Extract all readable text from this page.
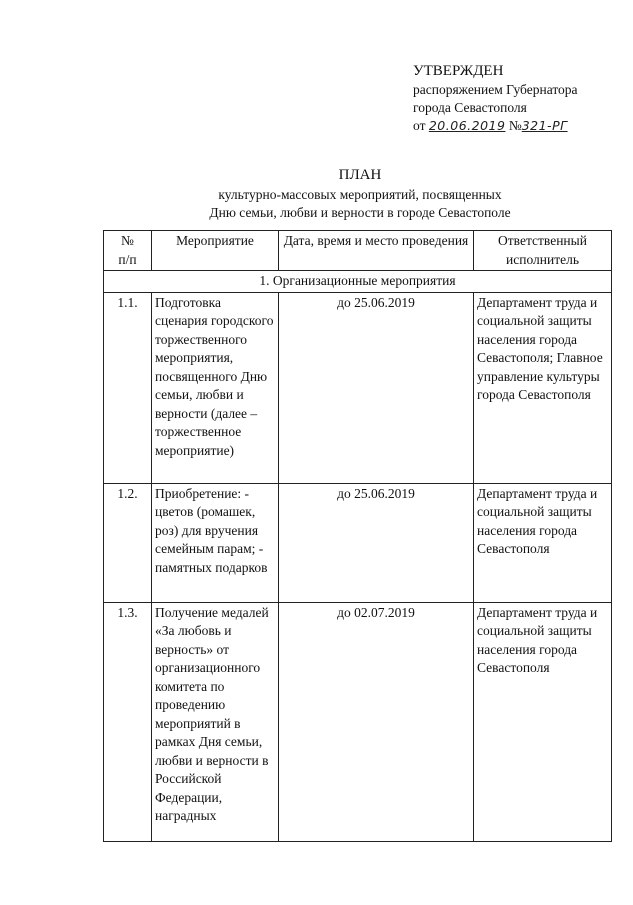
УТВЕРЖДЕН
распоряжением Губернатора
города Севастополя
от 20.06.2019 №321-РГ
ПЛАН
культурно-массовых мероприятий, посвященных
Дню семьи, любви и верности в городе Севастополе
№
п/п	Мероприятие	Дата, время и место проведения	Ответственный исполнитель
1. Организационные мероприятия			
1.1.	Подготовка сценария городского торжественного мероприятия, посвященного Дню семьи, любви и верности (далее – торжественное мероприятие)	до 25.06.2019	Департамент труда и социальной защиты населения города Севастополя; Главное управление культуры города Севастополя
1.2.	Приобретение: - цветов (ромашек, роз) для вручения семейным парам; - памятных подарков	до 25.06.2019	Департамент труда и социальной защиты населения города Севастополя
1.3.	Получение медалей «За любовь и верность» от организационного комитета по проведению мероприятий в рамках Дня семьи, любви и верности в Российской Федерации, наградных	до 02.07.2019	Департамент труда и социальной защиты населения города Севастополя
